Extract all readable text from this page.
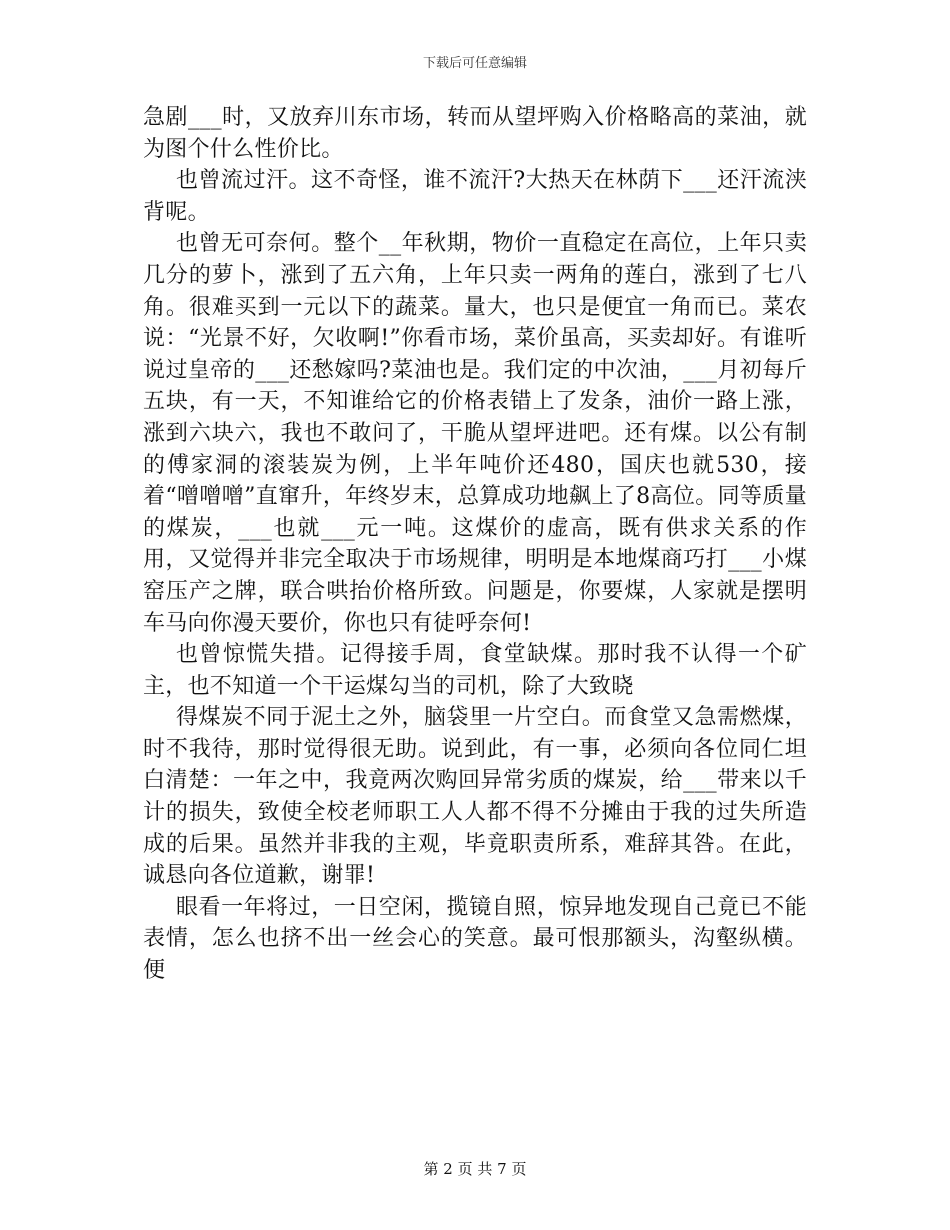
下载后可任意编辑

急剧___时，又放弃川东市场，转而从望坪购入价格略高的菜油，就为图个什么性价比。

也曾流过汗。这不奇怪，谁不流汗?大热天在林荫下___还汗流浃背呢。

也曾无可奈何。整个__年秋期，物价一直稳定在高位，上年只卖几分的萝卜，涨到了五六角，上年只卖一两角的莲白，涨到了七八角。很难买到一元以下的蔬菜。量大，也只是便宜一角而已。菜农说：“光景不好，欠收啊!”你看市场，菜价虽高，买卖却好。有谁听说过皇帝的___还愁嫁吗?菜油也是。我们定的中次油，___月初每斤五块，有一天，不知谁给它的价格表错上了发条，油价一路上涨，涨到六块六，我也不敢问了，干脆从望坪进吧。还有煤。以公有制的傅家洞的滚装炭为例，上半年吨价还480，国庆也就530，接着“噌噌噌”直窜升，年终岁末，总算成功地飙上了8高位。同等质量的煤炭，___也就___元一吨。这煤价的虚高，既有供求关系的作用，又觉得并非完全取决于市场规律，明明是本地煤商巧打___小煤窑压产之牌，联合哄抬价格所致。问题是，你要煤，人家就是摆明车马向你漫天要价，你也只有徒呼奈何!

也曾惊慌失措。记得接手周，食堂缺煤。那时我不认得一个矿主，也不知道一个干运煤勾当的司机，除了大致晓

得煤炭不同于泥土之外，脑袋里一片空白。而食堂又急需燃煤，时不我待，那时觉得很无助。说到此，有一事，必须向各位同仁坦白清楚：一年之中，我竟两次购回异常劣质的煤炭，给___带来以千计的损失，致使全校老师职工人人都不得不分摊由于我的过失所造成的后果。虽然并非我的主观，毕竟职责所系，难辞其咎。在此，诚恳向各位道歉，谢罪!

眼看一年将过，一日空闲，揽镜自照，惊异地发现自己竟已不能表情，怎么也挤不出一丝会心的笑意。最可恨那额头，沟壑纵横。便

第 2 页 共 7 页
